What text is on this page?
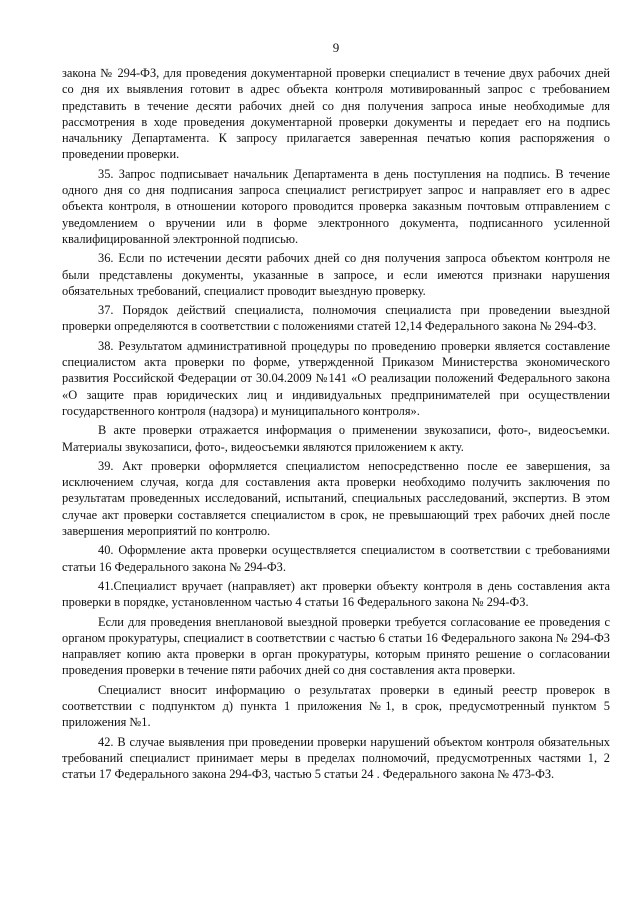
9

закона № 294-ФЗ, для проведения документарной проверки специалист в течение двух рабочих дней со дня их выявления готовит в адрес объекта контроля мотивированный запрос с требованием представить в течение десяти рабочих дней со дня получения запроса иные необходимые для рассмотрения в ходе проведения документарной проверки документы и передает его на подпись начальнику Департамента. К запросу прилагается заверенная печатью копия распоряжения о проведении проверки.

35. Запрос подписывает начальник Департамента в день поступления на подпись. В течение одного дня со дня подписания запроса специалист регистрирует запрос и направляет его в адрес объекта контроля, в отношении которого проводится проверка заказным почтовым отправлением с уведомлением о вручении или в форме электронного документа, подписанного усиленной квалифицированной электронной подписью.

36. Если по истечении десяти рабочих дней со дня получения запроса объектом контроля не были представлены документы, указанные в запросе, и если имеются признаки нарушения обязательных требований, специалист проводит выездную проверку.

37. Порядок действий специалиста, полномочия специалиста при проведении выездной проверки определяются в соответствии с положениями статей 12,14 Федерального закона № 294-ФЗ.

38. Результатом административной процедуры по проведению проверки является составление специалистом акта проверки по форме, утвержденной Приказом Министерства экономического развития Российской Федерации от 30.04.2009 №141 «О реализации положений Федерального закона «О защите прав юридических лиц и индивидуальных предпринимателей при осуществлении государственного контроля (надзора) и муниципального контроля».

В акте проверки отражается информация о применении звукозаписи, фото-, видеосъемки. Материалы звукозаписи, фото-, видеосъемки являются приложением к акту.

39. Акт проверки оформляется специалистом непосредственно после ее завершения, за исключением случая, когда для составления акта проверки необходимо получить заключения по результатам проведенных исследований, испытаний, специальных расследований, экспертиз. В этом случае акт проверки составляется специалистом в срок, не превышающий трех рабочих дней после завершения мероприятий по контролю.

40. Оформление акта проверки осуществляется специалистом в соответствии с требованиями статьи 16 Федерального закона № 294-ФЗ.

41.Специалист вручает (направляет) акт проверки объекту контроля в день составления акта проверки в порядке, установленном частью 4 статьи 16 Федерального закона № 294-ФЗ.

Если для проведения внеплановой выездной проверки требуется согласование ее проведения с органом прокуратуры, специалист в соответствии с частью 6 статьи 16 Федерального закона № 294-ФЗ направляет копию акта проверки в орган прокуратуры, которым принято решение о согласовании проведения проверки в течение пяти рабочих дней со дня составления акта проверки.

Специалист вносит информацию о результатах проверки в единый реестр проверок в соответствии с подпунктом д) пункта 1 приложения №1, в срок, предусмотренный пунктом 5 приложения №1.

42. В случае выявления при проведении проверки нарушений объектом контроля обязательных требований специалист принимает меры в пределах полномочий, предусмотренных частями 1, 2 статьи 17 Федерального закона 294-ФЗ, частью 5 статьи 24 . Федерального закона № 473-ФЗ.
